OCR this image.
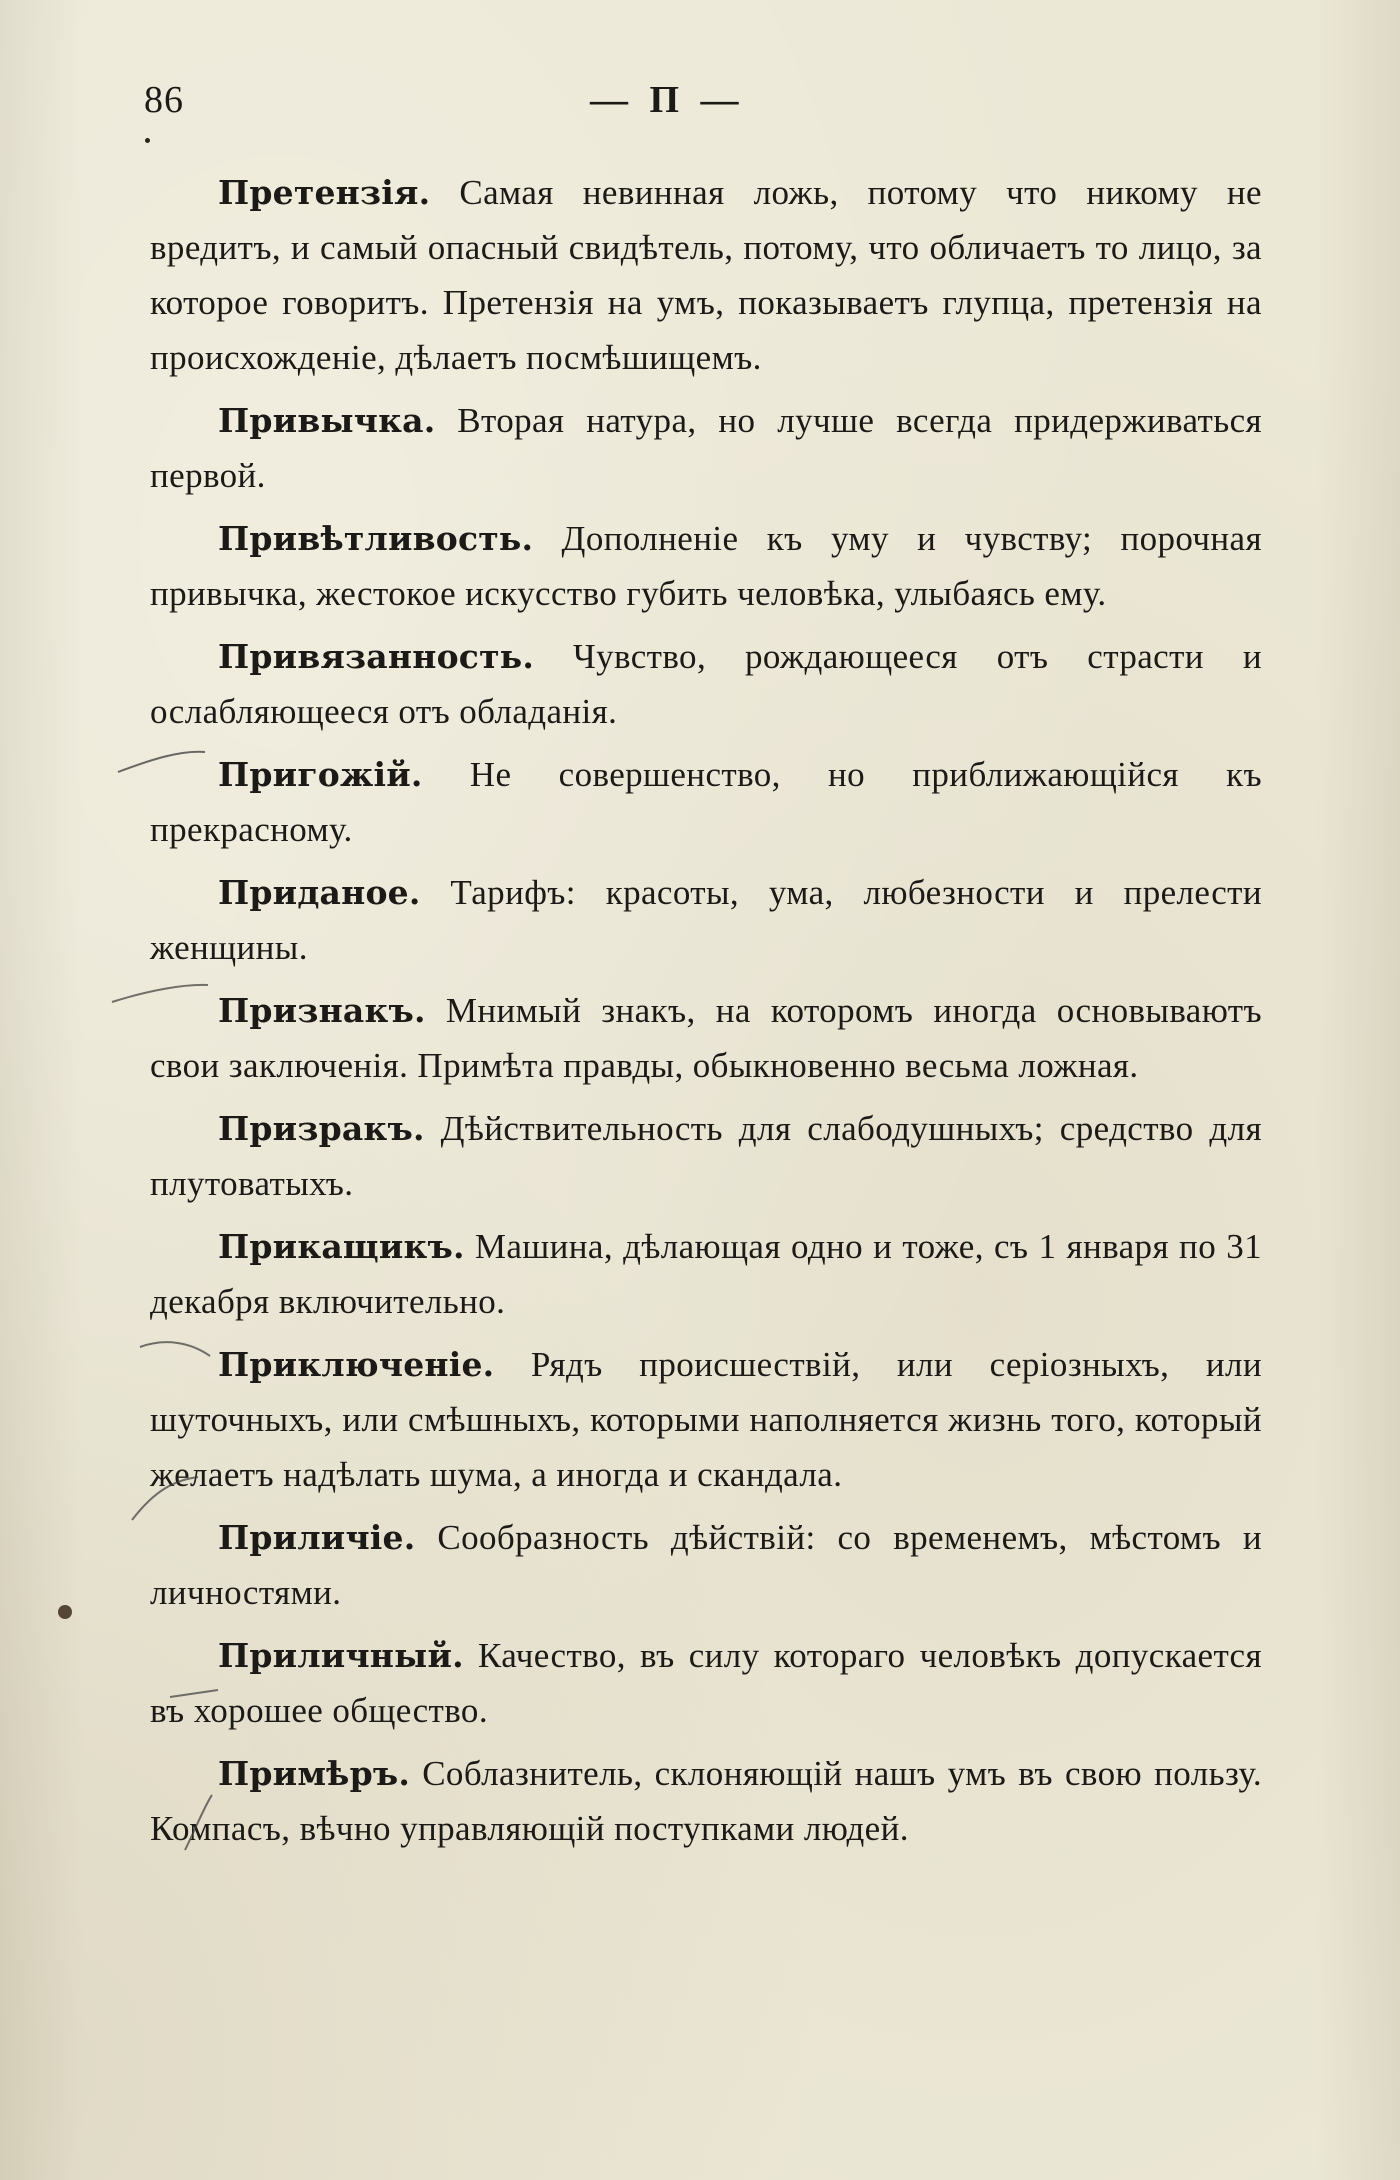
86	— П —

Претензія. Самая невинная ложь, потому что никому не вредитъ, и самый опасный свидѣтель, потому, что обличаетъ то лицо, за которое говоритъ. Претензія на умъ, показываетъ глупца, претензія на происхожденіе, дѣлаетъ посмѣшищемъ.

Привычка. Вторая натура, но лучше всегда придерживаться первой.

Привѣтливость. Дополненіе къ уму и чувству; порочная привычка, жестокое искусство губить человѣка, улыбаясь ему.

Привязанность. Чувство, рождающееся отъ страсти и ослабляющееся отъ обладанія.

Пригожій. Не совершенство, но приближающійся къ прекрасному.

Приданое. Тарифъ: красоты, ума, любезности и прелести женщины.

Признакъ. Мнимый знакъ, на которомъ иногда основываютъ свои заключенія. Примѣта правды, обыкновенно весьма ложная.

Призракъ. Дѣйствительность для слабодушныхъ; средство для плутоватыхъ.

Прикащикъ. Машина, дѣлающая одно и тоже, съ 1 января по 31 декабря включительно.

Приключеніе. Рядъ происшествій, или серіозныхъ, или шуточныхъ, или смѣшныхъ, которыми наполняется жизнь того, который желаетъ надѣлать шума, а иногда и скандала.

Приличіе. Сообразность дѣйствій: со временемъ, мѣстомъ и личностями.

Приличный. Качество, въ силу котораго человѣкъ допускается въ хорошее общество.

Примѣръ. Соблазнитель, склоняющій нашъ умъ въ свою пользу. Компасъ, вѣчно управляющій поступками людей.
